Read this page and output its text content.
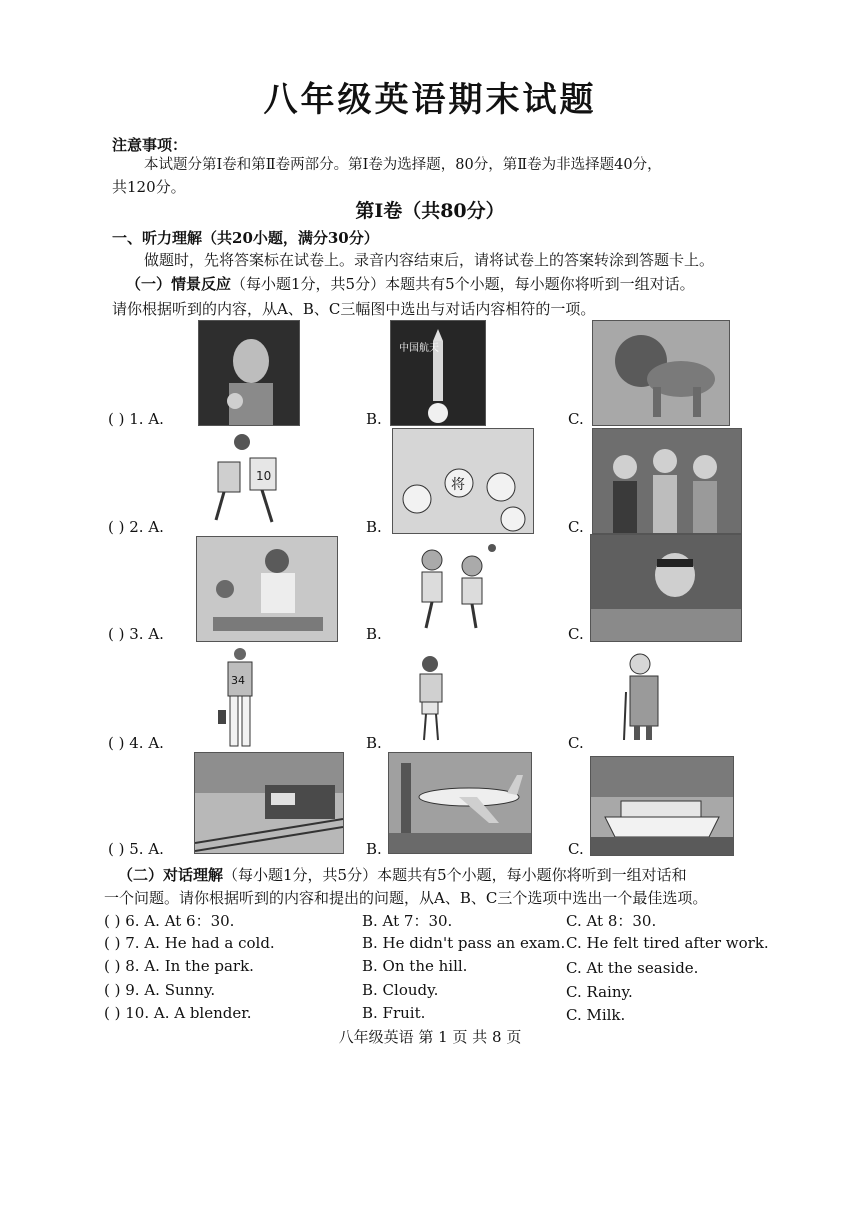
八年级英语期末试题
注意事项：
本试题分第Ⅰ卷和第Ⅱ卷两部分。第Ⅰ卷为选择题，80分，第Ⅱ卷为非选择题40分，
共120分。
第Ⅰ卷（共80分）
一、听力理解（共20小题，满分30分）
做题时，先将答案标在试卷上。录音内容结束后，请将试卷上的答案转涂到答题卡上。
（一）情景反应（每小题1分，共5分）本题共有5个小题，每小题你将听到一组对话。
请你根据听到的内容，从A、B、C三幅图中选出与对话内容相符的一项。
( ) 1. A.	B.	C.
中国航天
( ) 2. A.	B.	C.
10
将
( ) 3. A.	B.	C.
( ) 4. A.	B.	C.
34
( ) 5. A.	B.	C.
（二）对话理解（每小题1分，共5分）本题共有5个小题，每小题你将听到一组对话和
一个问题。请你根据听到的内容和提出的问题，从A、B、C三个选项中选出一个最佳选项。
( ) 6. A. At 6：30.	B. At 7：30.	C. At 8：30.
( ) 7. A. He had a cold.	B. He didn't pass an exam. C. He felt tired after work.
( ) 8. A. In the park.	B. On the hill.	C. At the seaside.
( ) 9. A. Sunny.	B. Cloudy.	C. Rainy.
( ) 10. A. A blender.	B. Fruit.	C. Milk.
八年级英语 第 1 页 共 8 页
